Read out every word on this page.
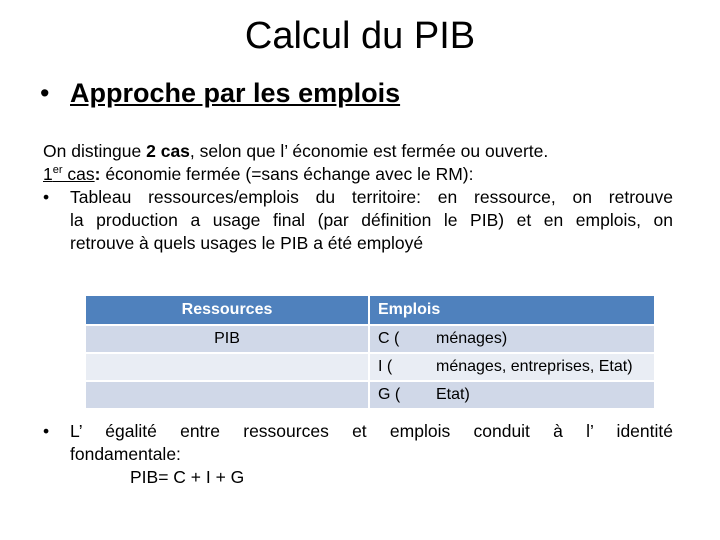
Calcul du PIB
• Approche par les emplois
On distingue 2 cas, selon que l’ économie est fermée ou ouverte.
1er cas: économie fermée (=sans échange avec le RM):
• Tableau ressources/emplois du territoire: en ressource, on retrouve
la production a usage final (par définition le PIB) et en emplois, on
retrouve à quels usages le PIB a été employé
Ressources	Emplois
PIB	C ( ménages)

	I ( ménages, entreprises, Etat)

	G ( Etat)
• L’ égalité entre ressources et emplois conduit à l’ identité
fondamentale:
PIB= C + I + G
